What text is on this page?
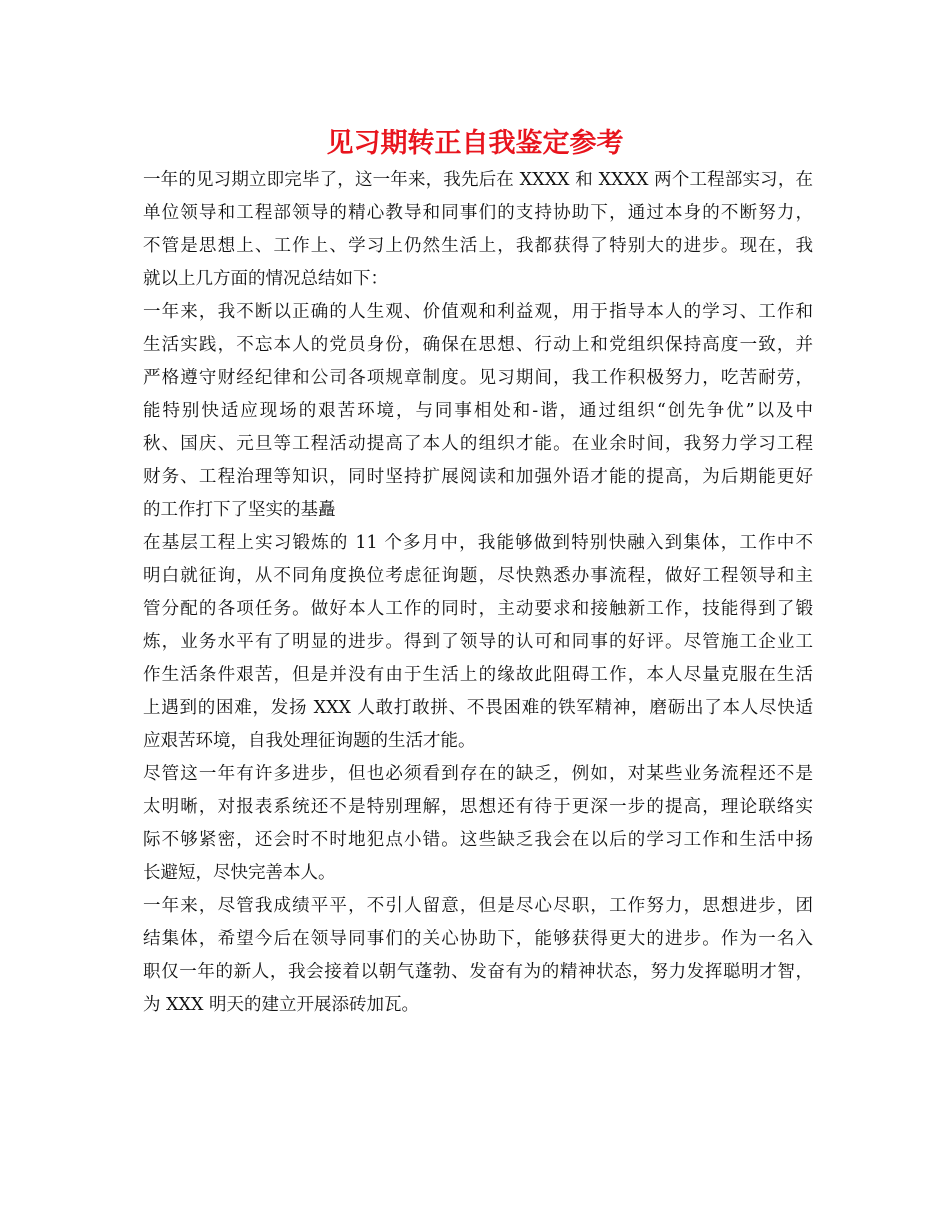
见习期转正自我鉴定参考
一年的见习期立即完毕了，这一年来，我先后在 XXXX 和 XXXX 两个工程部实习，在
单位领导和工程部领导的精心教导和同事们的支持协助下，通过本身的不断努力，
不管是思想上、工作上、学习上仍然生活上，我都获得了特别大的进步。现在，我
就以上几方面的情况总结如下：
一年来，我不断以正确的人生观、价值观和利益观，用于指导本人的学习、工作和
生活实践，不忘本人的党员身份，确保在思想、行动上和党组织保持高度一致，并
严格遵守财经纪律和公司各项规章制度。见习期间，我工作积极努力，吃苦耐劳，
能特别快适应现场的艰苦环境，与同事相处和-谐，通过组织“创先争优”以及中
秋、国庆、元旦等工程活动提高了本人的组织才能。在业余时间，我努力学习工程
财务、工程治理等知识，同时坚持扩展阅读和加强外语才能的提高，为后期能更好
的工作打下了坚实的基矗
在基层工程上实习锻炼的 11 个多月中，我能够做到特别快融入到集体，工作中不
明白就征询，从不同角度换位考虑征询题，尽快熟悉办事流程，做好工程领导和主
管分配的各项任务。做好本人工作的同时，主动要求和接触新工作，技能得到了锻
炼，业务水平有了明显的进步。得到了领导的认可和同事的好评。尽管施工企业工
作生活条件艰苦，但是并没有由于生活上的缘故此阻碍工作，本人尽量克服在生活
上遇到的困难，发扬 XXX 人敢打敢拼、不畏困难的铁军精神，磨砺出了本人尽快适
应艰苦环境，自我处理征询题的生活才能。
尽管这一年有许多进步，但也必须看到存在的缺乏，例如，对某些业务流程还不是
太明晰，对报表系统还不是特别理解，思想还有待于更深一步的提高，理论联络实
际不够紧密，还会时不时地犯点小错。这些缺乏我会在以后的学习工作和生活中扬
长避短，尽快完善本人。
一年来，尽管我成绩平平，不引人留意，但是尽心尽职，工作努力，思想进步，团
结集体，希望今后在领导同事们的关心协助下，能够获得更大的进步。作为一名入
职仅一年的新人，我会接着以朝气蓬勃、发奋有为的精神状态，努力发挥聪明才智，
为 XXX 明天的建立开展添砖加瓦。
